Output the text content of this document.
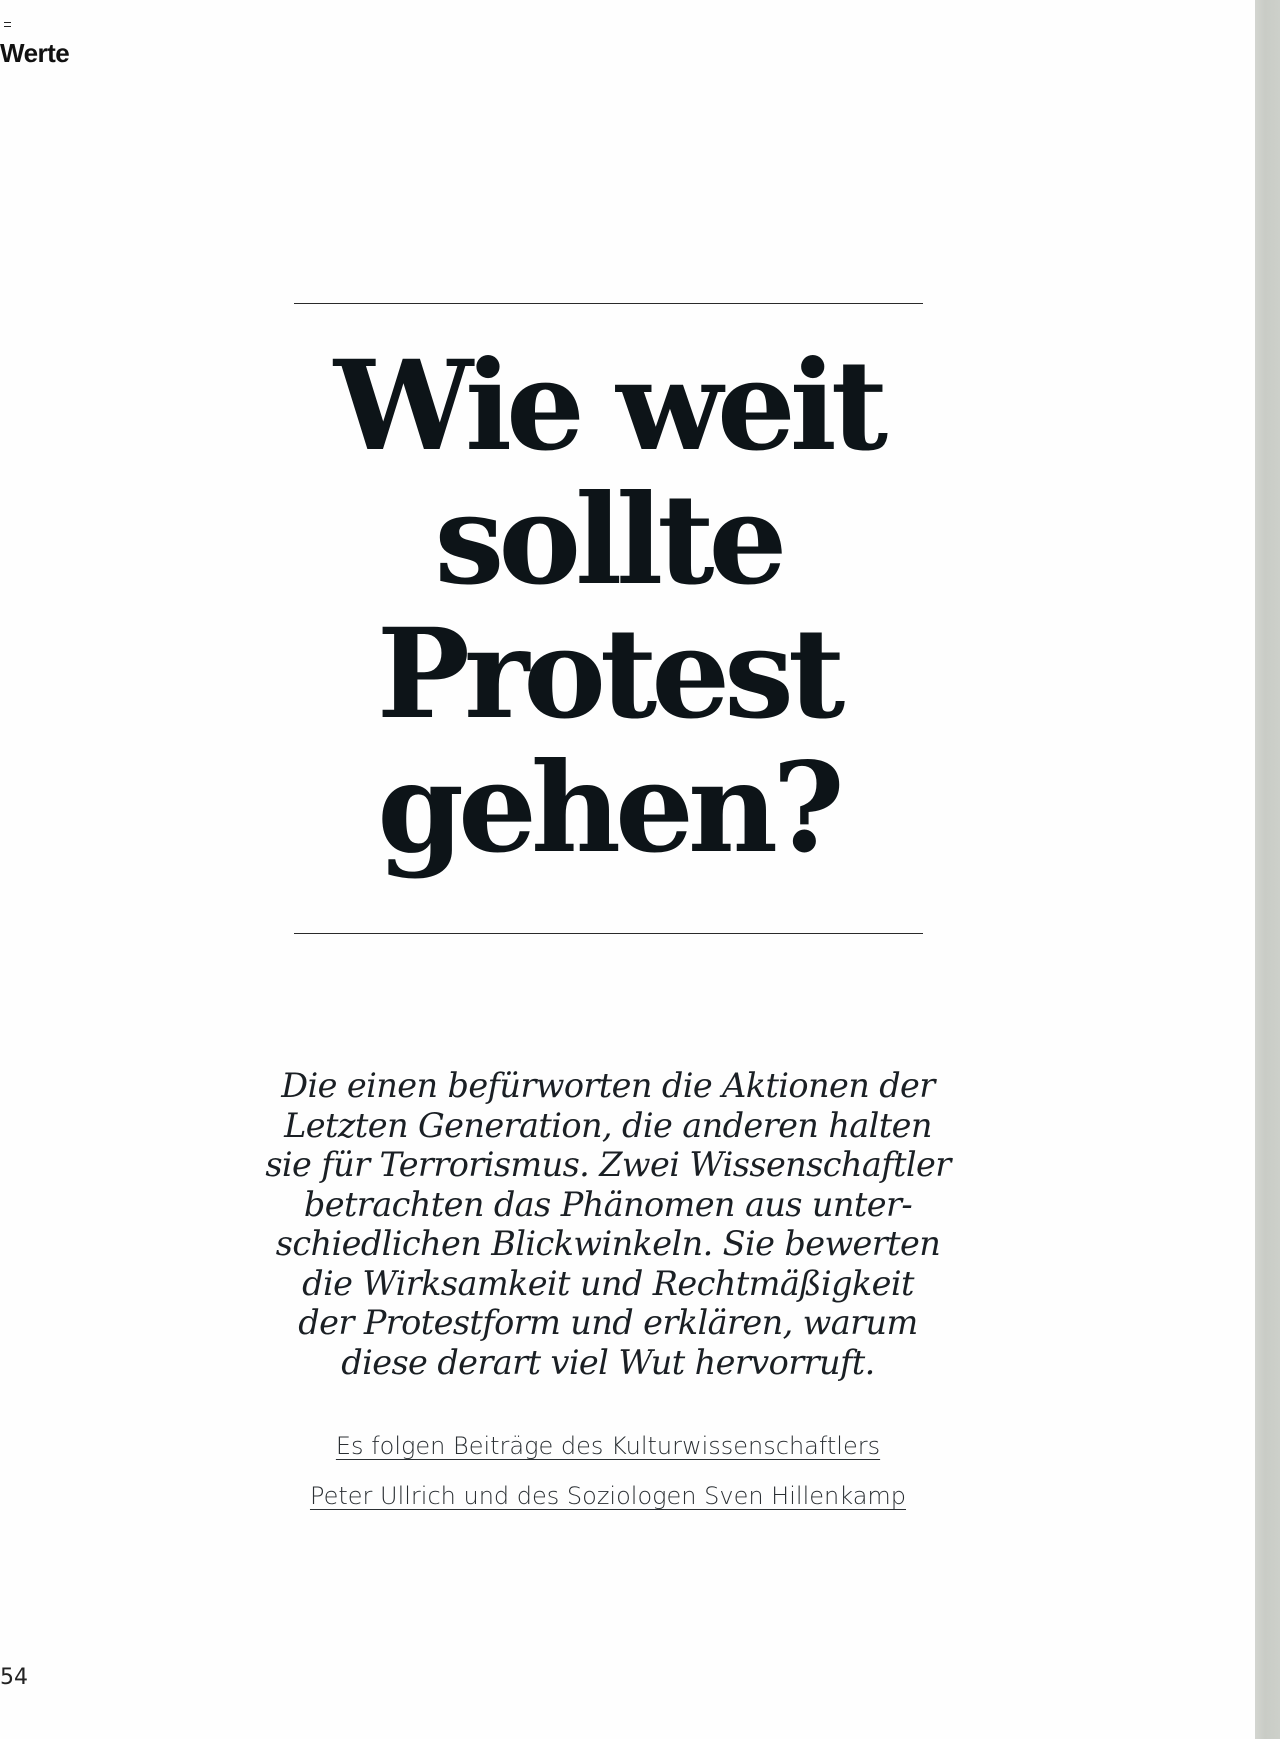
Werte
Wie weit
sollte
Protest
gehen?

Die einen befürworten die Aktionen der
Letzten Generation, die anderen halten
sie für Terrorismus. Zwei Wissenschaftler
betrachten das Phänomen aus unter-
schiedlichen Blickwinkeln. Sie bewerten
die Wirksamkeit und Rechtmäßigkeit
der Protestform und erklären, warum
diese derart viel Wut hervorruft.

Es folgen Beiträge des Kulturwissenschaftlers
Peter Ullrich und des Soziologen Sven Hillenkamp
54
